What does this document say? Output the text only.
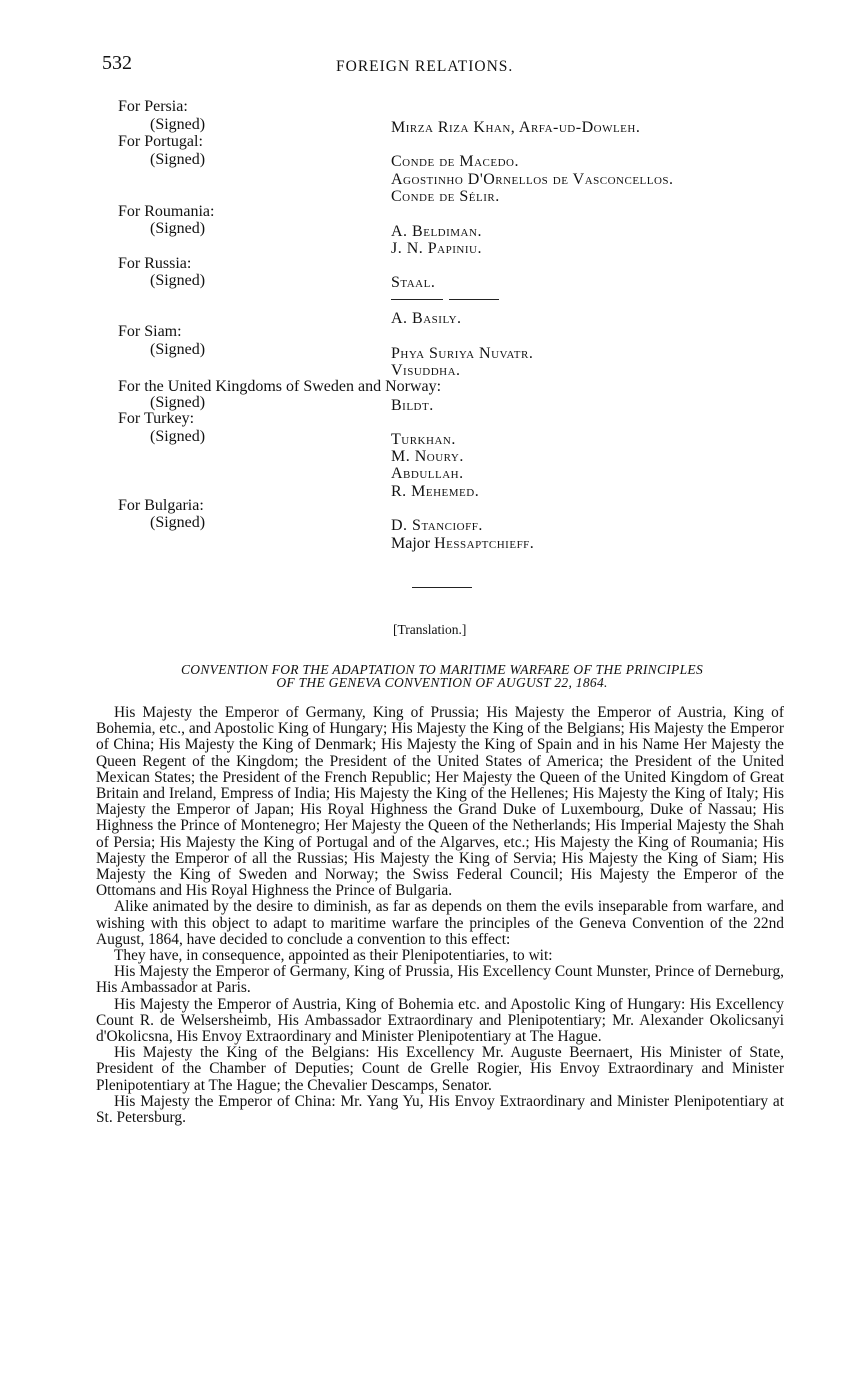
532	FOREIGN RELATIONS.
For Persia:
(Signed)	Mirza Riza Khan, Arfa-ud-Dowleh.
For Portugal:
(Signed)	Conde de Macedo.
Agostinho D'Ornellos de Vasconcellos.
Conde de Sélir.
For Roumania:
(Signed)	A. Beldiman.
J. N. Papiniu.
For Russia:
(Signed)	Staal.
A. Basily.
For Siam:
(Signed)	Phya Suriya Nuvatr.
Visuddha.
For the United Kingdoms of Sweden and Norway:
(Signed)	Bildt.
For Turkey:
(Signed)	Turkhan.
M. Noury.
Abdullah.
R. Mehemed.
For Bulgaria:
(Signed)	D. Stancioff.
Major Hessaptchieff.
[Translation.]
CONVENTION FOR THE ADAPTATION TO MARITIME WARFARE OF THE PRINCIPLES
OF THE GENEVA CONVENTION OF AUGUST 22, 1864.

His Majesty the Emperor of Germany, King of Prussia; His Majesty the Emperor of Austria, King of Bohemia, etc., and Apostolic King of Hungary; His Majesty the King of the Belgians; His Majesty the Emperor of China; His Majesty the King of Denmark; His Majesty the King of Spain and in his Name Her Majesty the Queen Regent of the Kingdom; the President of the United States of America; the President of the United Mexican States; the President of the French Republic; Her Majesty the Queen of the United Kingdom of Great Britain and Ireland, Empress of India; His Majesty the King of the Hellenes; His Majesty the King of Italy; His Majesty the Emperor of Japan; His Royal Highness the Grand Duke of Luxembourg, Duke of Nassau; His Highness the Prince of Montenegro; Her Majesty the Queen of the Netherlands; His Imperial Majesty the Shah of Persia; His Majesty the King of Portugal and of the Algarves, etc.; His Majesty the King of Roumania; His Majesty the Emperor of all the Russias; His Majesty the King of Servia; His Majesty the King of Siam; His Majesty the King of Sweden and Norway; the Swiss Federal Council; His Majesty the Emperor of the Ottomans and His Royal Highness the Prince of Bulgaria.

Alike animated by the desire to diminish, as far as depends on them the evils inseparable from warfare, and wishing with this object to adapt to maritime warfare the principles of the Geneva Convention of the 22nd August, 1864, have decided to conclude a convention to this effect:

They have, in consequence, appointed as their Plenipotentiaries, to wit:

His Majesty the Emperor of Germany, King of Prussia, His Excellency Count Munster, Prince of Derneburg, His Ambassador at Paris.

His Majesty the Emperor of Austria, King of Bohemia etc. and Apostolic King of Hungary: His Excellency Count R. de Welsersheimb, His Ambassador Extraordinary and Plenipotentiary; Mr. Alexander Okolicsanyi d'Okolicsna, His Envoy Extraordinary and Minister Plenipotentiary at The Hague.

His Majesty the King of the Belgians: His Excellency Mr. Auguste Beernaert, His Minister of State, President of the Chamber of Deputies; Count de Grelle Rogier, His Envoy Extraordinary and Minister Plenipotentiary at The Hague; the Chevalier Descamps, Senator.

His Majesty the Emperor of China: Mr. Yang Yu, His Envoy Extraordinary and Minister Plenipotentiary at St. Petersburg.
